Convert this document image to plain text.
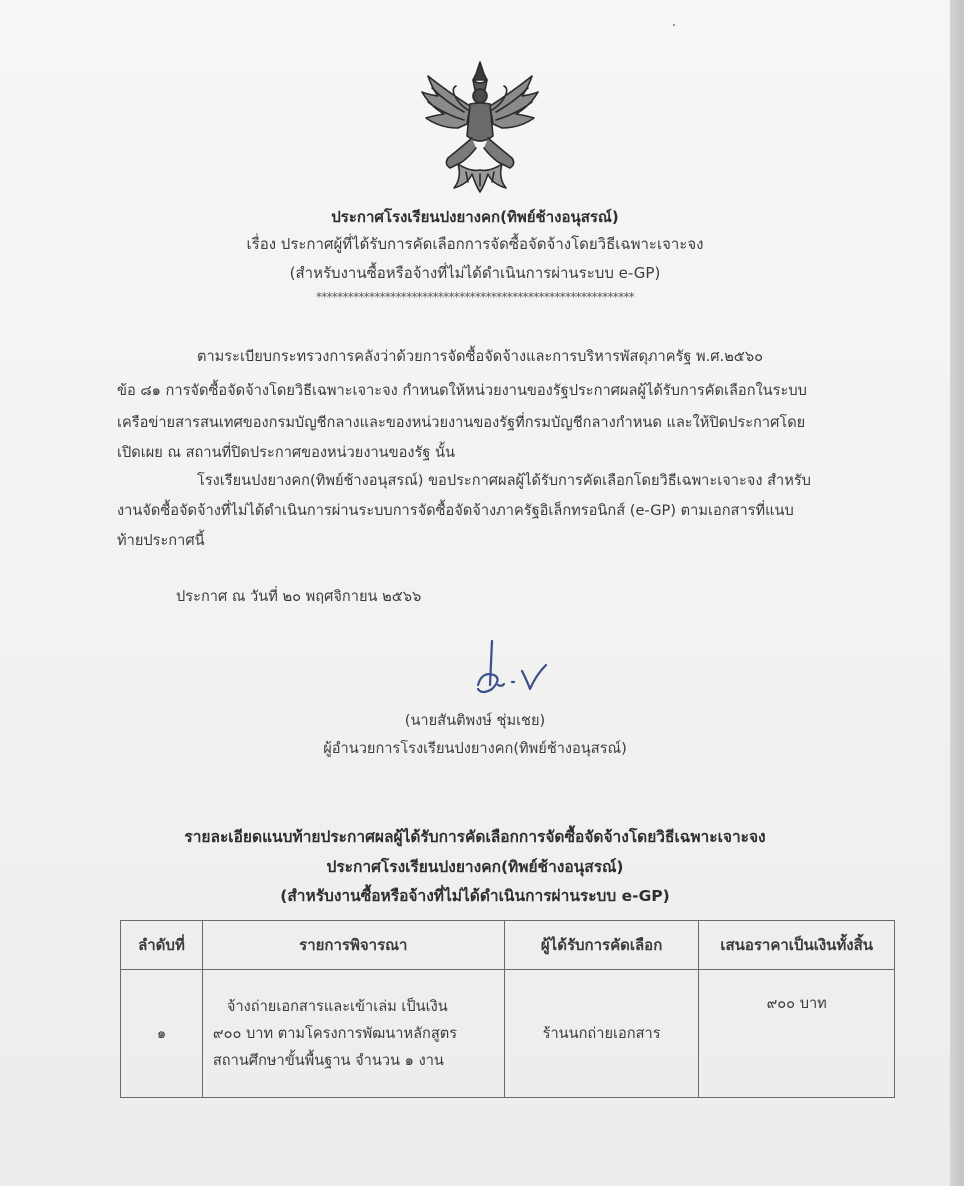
ประกาศโรงเรียนปงยางคก(ทิพย์ช้างอนุสรณ์)
เรื่อง ประกาศผู้ที่ได้รับการคัดเลือกการจัดซื้อจัดจ้างโดยวิธีเฉพาะเจาะจง
(สำหรับงานซื้อหรือจ้างที่ไม่ได้ดำเนินการผ่านระบบ e-GP)
************************************************************
ตามระเบียบกระทรวงการคลังว่าด้วยการจัดซื้อจัดจ้างและการบริหารพัสดุภาครัฐ พ.ศ.๒๕๖๐
ข้อ ๘๑ การจัดซื้อจัดจ้างโดยวิธีเฉพาะเจาะจง กำหนดให้หน่วยงานของรัฐประกาศผลผู้ได้รับการคัดเลือกในระบบ
เครือข่ายสารสนเทศของกรมบัญชีกลางและของหน่วยงานของรัฐที่กรมบัญชีกลางกำหนด และให้ปิดประกาศโดย
เปิดเผย ณ สถานที่ปิดประกาศของหน่วยงานของรัฐ นั้น
โรงเรียนปงยางคก(ทิพย์ช้างอนุสรณ์) ขอประกาศผลผู้ได้รับการคัดเลือกโดยวิธีเฉพาะเจาะจง สำหรับ
งานจัดซื้อจัดจ้างที่ไม่ได้ดำเนินการผ่านระบบการจัดซื้อจัดจ้างภาครัฐอิเล็กทรอนิกส์ (e-GP) ตามเอกสารที่แนบ
ท้ายประกาศนี้
ประกาศ ณ วันที่ ๒๐ พฤศจิกายน ๒๕๖๖
(นายสันติพงษ์ ชุ่มเชย)
ผู้อำนวยการโรงเรียนปงยางคก(ทิพย์ช้างอนุสรณ์)
รายละเอียดแนบท้ายประกาศผลผู้ได้รับการคัดเลือกการจัดซื้อจัดจ้างโดยวิธีเฉพาะเจาะจง
ประกาศโรงเรียนปงยางคก(ทิพย์ช้างอนุสรณ์)
(สำหรับงานซื้อหรือจ้างที่ไม่ได้ดำเนินการผ่านระบบ e-GP)
ลำดับที่	รายการพิจารณา	ผู้ได้รับการคัดเลือก	เสนอราคาเป็นเงินทั้งสิ้น
๑	จ้างถ่ายเอกสารและเข้าเล่ม เป็นเงิน
๙๐๐ บาท ตามโครงการพัฒนาหลักสูตร
สถานศึกษาขั้นพื้นฐาน จำนวน ๑ งาน	ร้านนกถ่ายเอกสาร	๙๐๐ บาท
